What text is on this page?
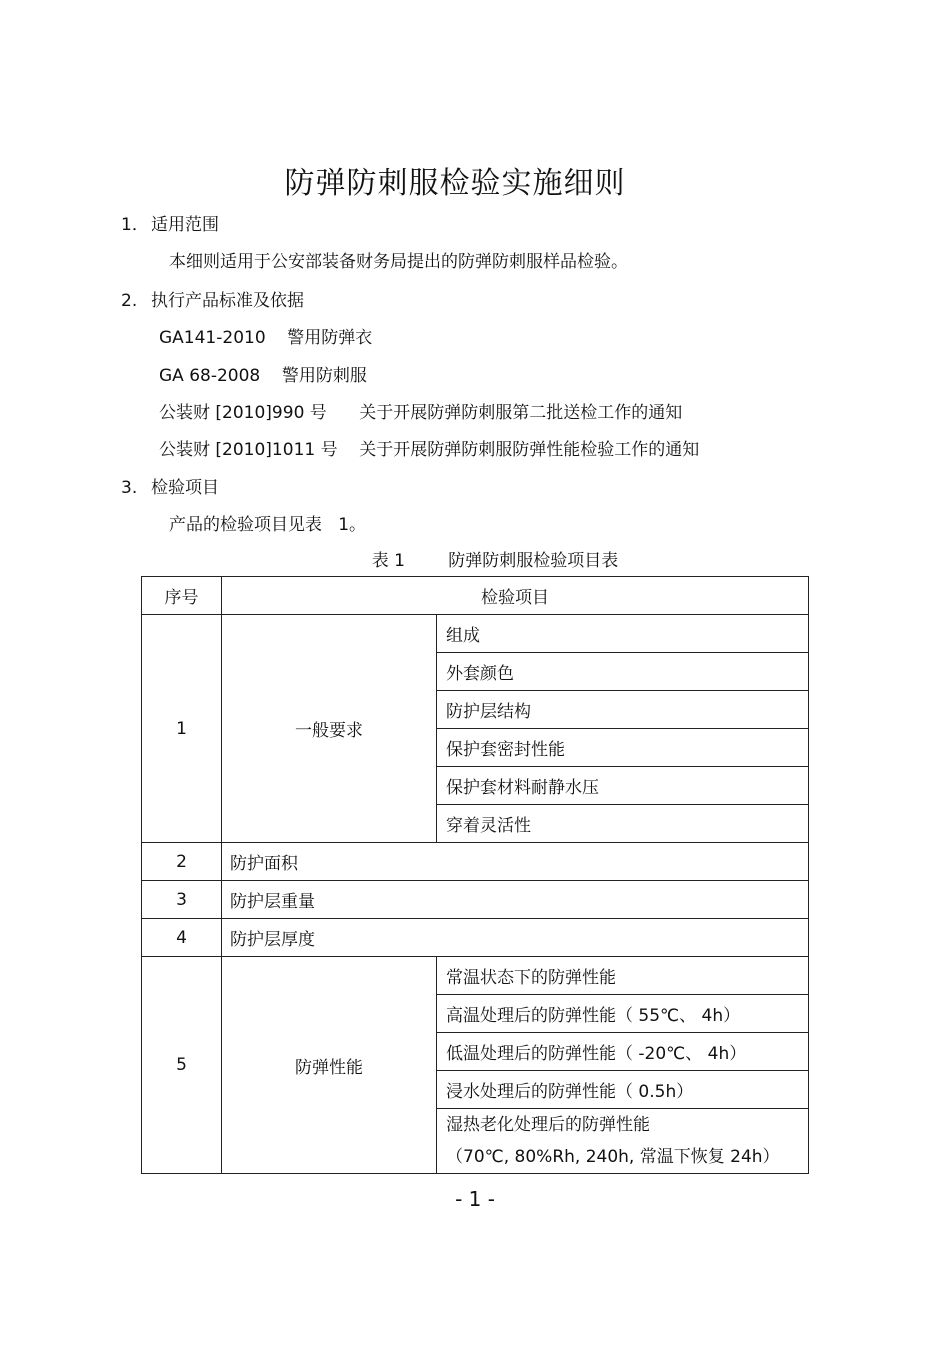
防弹防刺服检验实施细则
1． 适用范围
本细则适用于公安部装备财务局提出的防弹防刺服样品检验。
2. 执行产品标准及依据
GA141-2010    警用防弹衣
GA 68-2008    警用防刺服
公装财 [2010]990 号      关于开展防弹防刺服第二批送检工作的通知
公装财 [2010]1011 号    关于开展防弹防刺服防弹性能检验工作的通知
3. 检验项目
产品的检验项目见表   1。
表 1        防弹防刺服检验项目表
序号	检验项目	
1	一般要求	组成
		外套颜色
		防护层结构
		保护套密封性能
		保护套材料耐静水压
		穿着灵活性
2	防护面积	
3	防护层重量	
4	防护层厚度	
5	防弹性能	常温状态下的防弹性能
		高温处理后的防弹性能（ 55℃、 4h）
		低温处理后的防弹性能（ -20℃、 4h）
		浸水处理后的防弹性能（ 0.5h）

		湿热老化处理后的防弹性能
（70℃, 80%Rh, 240h, 常温下恢复 24h）
- 1 -
